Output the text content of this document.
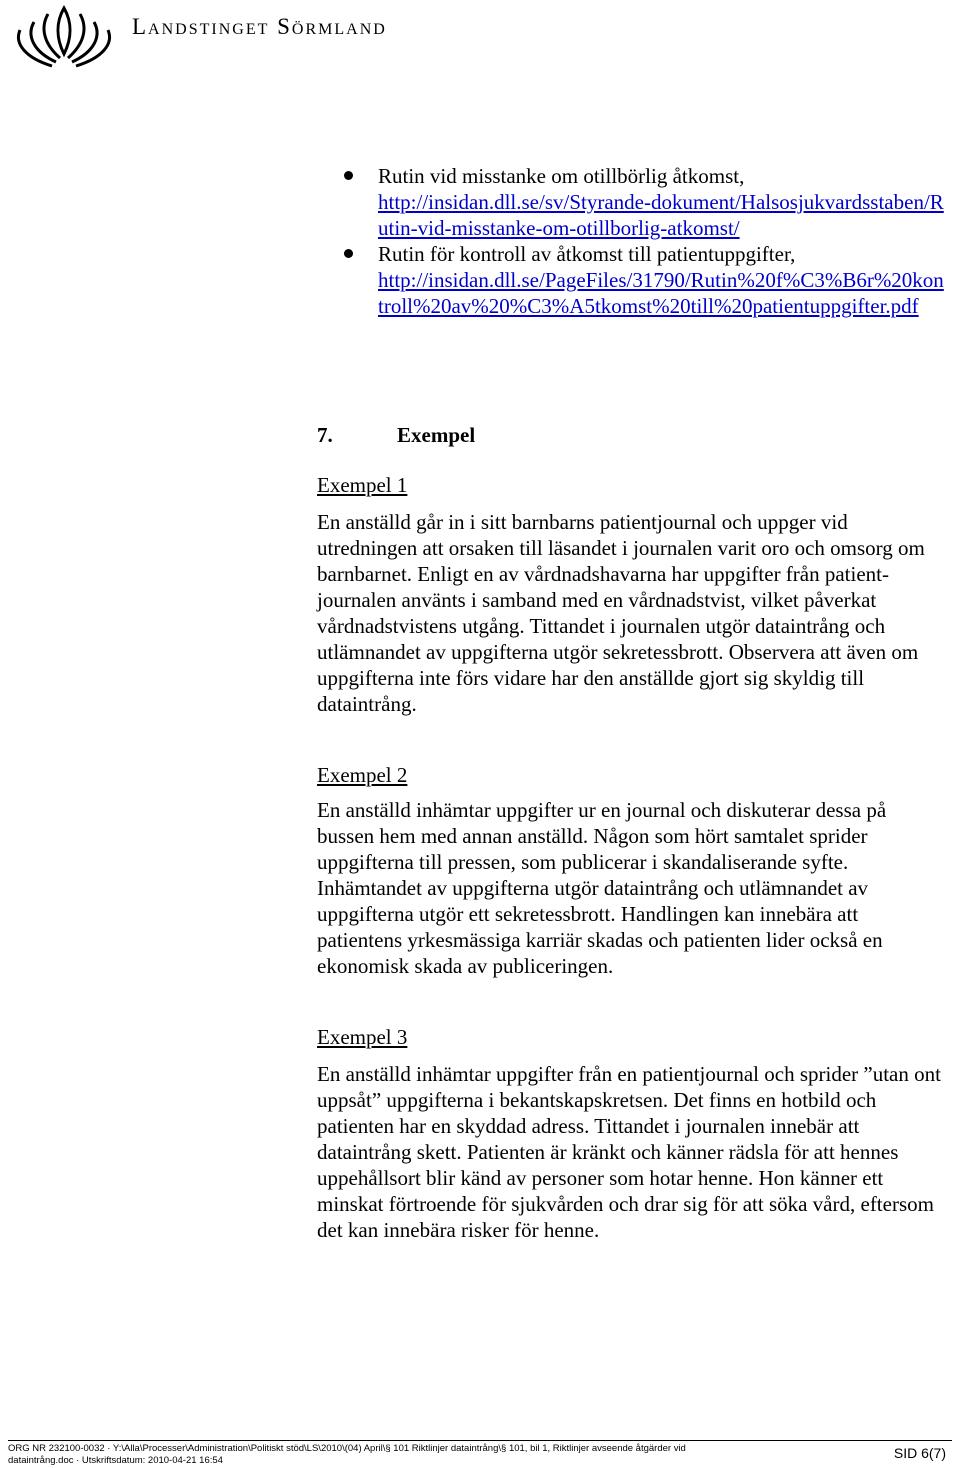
Landstinget Sörmland
Rutin vid misstanke om otillbörlig åtkomst,
http://insidan.dll.se/sv/Styrande-dokument/Halsosjukvardsstaben/Rutin-vid-misstanke-om-otillborlig-atkomst/
Rutin för kontroll av åtkomst till patientuppgifter,
http://insidan.dll.se/PageFiles/31790/Rutin%20f%C3%B6r%20kontroll%20av%20%C3%A5tkomst%20till%20patientuppgifter.pdf
7.	Exempel
Exempel 1
En anställd går in i sitt barnbarns patientjournal och uppger vid utredningen att orsaken till läsandet i journalen varit oro och omsorg om barnbarnet. Enligt en av vårdnadshavarna har uppgifter från patientjournalen använts i samband med en vårdnadstvist, vilket påverkat vårdnadstvistens utgång. Tittandet i journalen utgör dataintrång och utlämnandet av uppgifterna utgör sekretessbrott. Observera att även om uppgifterna inte förs vidare har den anställde gjort sig skyldig till dataintrång.
Exempel 2
En anställd inhämtar uppgifter ur en journal och diskuterar dessa på bussen hem med annan anställd. Någon som hört samtalet sprider uppgifterna till pressen, som publicerar i skandaliserande syfte. Inhämtandet av uppgifterna utgör dataintrång och utlämnandet av uppgifterna utgör ett sekretessbrott. Handlingen kan innebära att patientens yrkesmässiga karriär skadas och patienten lider också en ekonomisk skada av publiceringen.
Exempel 3
En anställd inhämtar uppgifter från en patientjournal och sprider ”utan ont uppsåt” uppgifterna i bekantskapskretsen. Det finns en hotbild och patienten har en skyddad adress. Tittandet i journalen innebär att dataintrång skett. Patienten är kränkt och känner rädsla för att hennes uppehållsort blir känd av personer som hotar henne. Hon känner ett minskat förtroende för sjukvården och drar sig för att söka vård, eftersom det kan innebära risker för henne.
ORG NR 232100-0032 · Y:\Alla\Processer\Administration\Politiskt stöd\LS\2010\(04) April\§ 101 Riktlinjer dataintrång\§ 101, bil 1, Riktlinjer avseende åtgärder vid
dataintrång.doc · Utskriftsdatum: 2010-04-21 16:54	SID 6(7)
